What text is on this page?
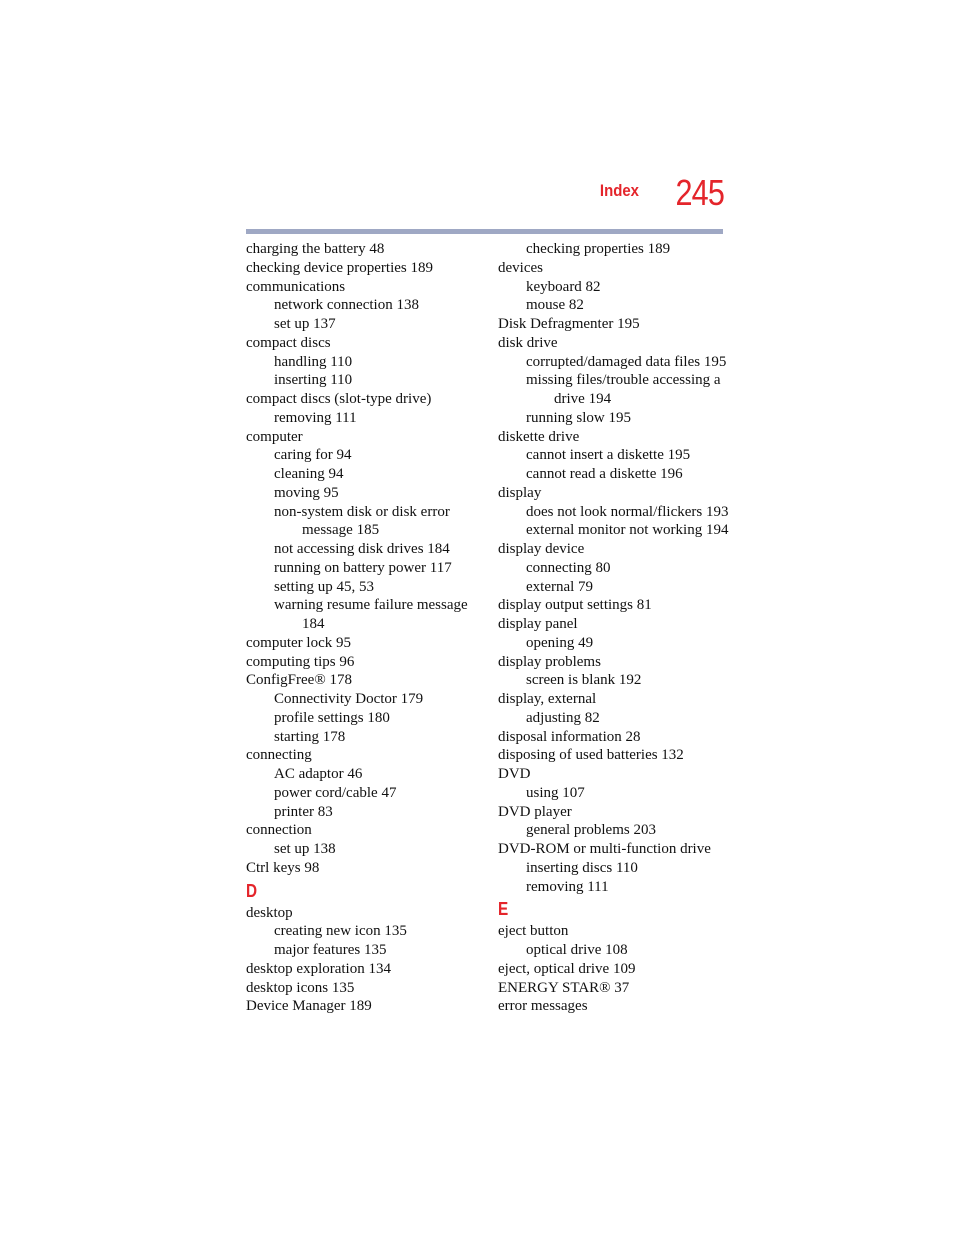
Index 245
charging the battery 48
checking device properties 189
communications
network connection 138
set up 137
compact discs
handling 110
inserting 110
compact discs (slot-type drive)
removing 111
computer
caring for 94
cleaning 94
moving 95
non-system disk or disk error
message 185
not accessing disk drives 184
running on battery power 117
setting up 45, 53
warning resume failure message
184
computer lock 95
computing tips 96
ConfigFree® 178
Connectivity Doctor 179
profile settings 180
starting 178
connecting
AC adaptor 46
power cord/cable 47
printer 83
connection
set up 138
Ctrl keys 98
D
desktop
creating new icon 135
major features 135
desktop exploration 134
desktop icons 135
Device Manager 189
checking properties 189
devices
keyboard 82
mouse 82
Disk Defragmenter 195
disk drive
corrupted/damaged data files 195
missing files/trouble accessing a
drive 194
running slow 195
diskette drive
cannot insert a diskette 195
cannot read a diskette 196
display
does not look normal/flickers 193
external monitor not working 194
display device
connecting 80
external 79
display output settings 81
display panel
opening 49
display problems
screen is blank 192
display, external
adjusting 82
disposal information 28
disposing of used batteries 132
DVD
using 107
DVD player
general problems 203
DVD-ROM or multi-function drive
inserting discs 110
removing 111
E
eject button
optical drive 108
eject, optical drive 109
ENERGY STAR® 37
error messages
